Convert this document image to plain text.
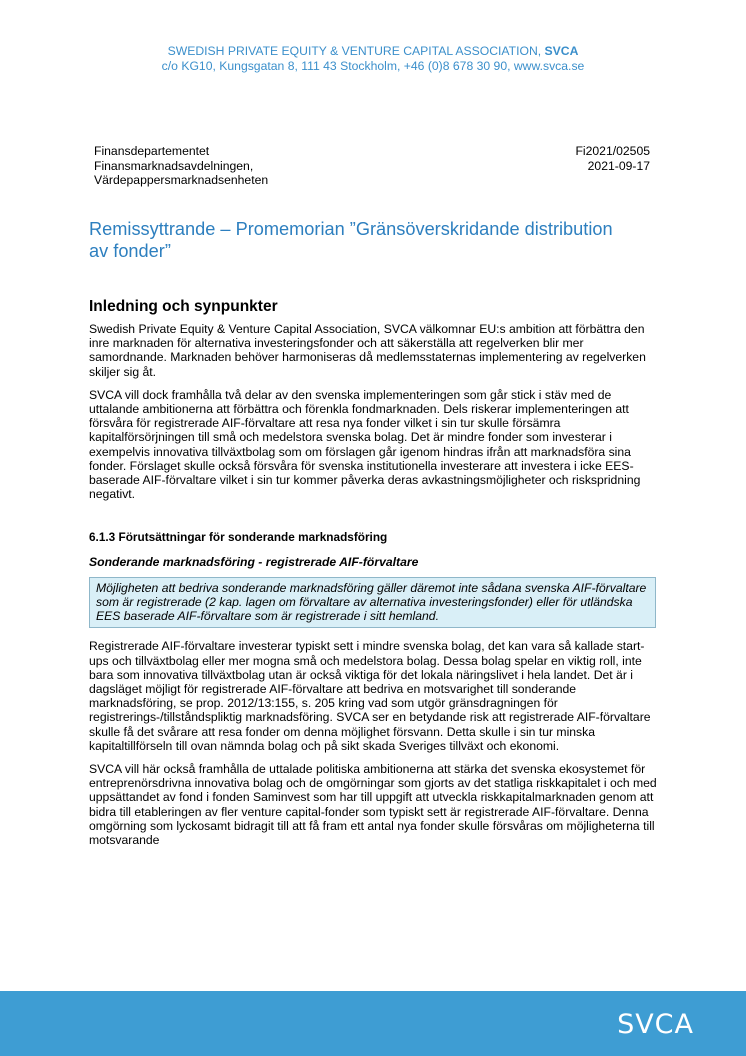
SWEDISH PRIVATE EQUITY & VENTURE CAPITAL ASSOCIATION, SVCA
c/o KG10, Kungsgatan 8, 111 43 Stockholm, +46 (0)8 678 30 90, www.svca.se
Finansdepartementet
Finansmarknadsavdelningen,
Värdepappersmarknadsenheten
Fi2021/02505
2021-09-17
Remissyttrande – Promemorian ”Gränsöverskridande distribution av fonder”
Inledning och synpunkter

Swedish Private Equity & Venture Capital Association, SVCA välkomnar EU:s ambition att förbättra den inre marknaden för alternativa investeringsfonder och att säkerställa att regelverken blir mer samordnande. Marknaden behöver harmoniseras då medlemsstaternas implementering av regelverken skiljer sig åt.

SVCA vill dock framhålla två delar av den svenska implementeringen som går stick i stäv med de uttalande ambitionerna att förbättra och förenkla fondmarknaden. Dels riskerar implementeringen att försvåra för registrerade AIF-förvaltare att resa nya fonder vilket i sin tur skulle försämra kapitalförsörjningen till små och medelstora svenska bolag. Det är mindre fonder som investerar i exempelvis innovativa tillväxtbolag som om förslagen går igenom hindras ifrån att marknadsföra sina fonder. Förslaget skulle också försvåra för svenska institutionella investerare att investera i icke EES-baserade AIF-förvaltare vilket i sin tur kommer påverka deras avkastningsmöjligheter och riskspridning negativt.

6.1.3 Förutsättningar för sonderande marknadsföring
Sonderande marknadsföring - registrerade AIF-förvaltare
Möjligheten att bedriva sonderande marknadsföring gäller däremot inte sådana svenska AIF-förvaltare som är registrerade (2 kap. lagen om förvaltare av alternativa investeringsfonder) eller för utländska EES baserade AIF-förvaltare som är registrerade i sitt hemland.

Registrerade AIF-förvaltare investerar typiskt sett i mindre svenska bolag, det kan vara så kallade start-ups och tillväxtbolag eller mer mogna små och medelstora bolag. Dessa bolag spelar en viktig roll, inte bara som innovativa tillväxtbolag utan är också viktiga för det lokala näringslivet i hela landet. Det är i dagsläget möjligt för registrerade AIF-förvaltare att bedriva en motsvarighet till sonderande marknadsföring, se prop. 2012/13:155, s. 205 kring vad som utgör gränsdragningen för registrerings-/tillståndspliktig marknadsföring. SVCA ser en betydande risk att registrerade AIF-förvaltare skulle få det svårare att resa fonder om denna möjlighet försvann. Detta skulle i sin tur minska kapitaltillförseln till ovan nämnda bolag och på sikt skada Sveriges tillväxt och ekonomi.

SVCA vill här också framhålla de uttalade politiska ambitionerna att stärka det svenska ekosystemet för entreprenörsdrivna innovativa bolag och de omgörningar som gjorts av det statliga riskkapitalet i och med uppsättandet av fond i fonden Saminvest som har till uppgift att utveckla riskkapitalmarknaden genom att bidra till etableringen av fler venture capital-fonder som typiskt sett är registrerade AIF-förvaltare. Denna omgörning som lyckosamt bidragit till att få fram ett antal nya fonder skulle försvåras om möjligheterna till motsvarande

SVCA
